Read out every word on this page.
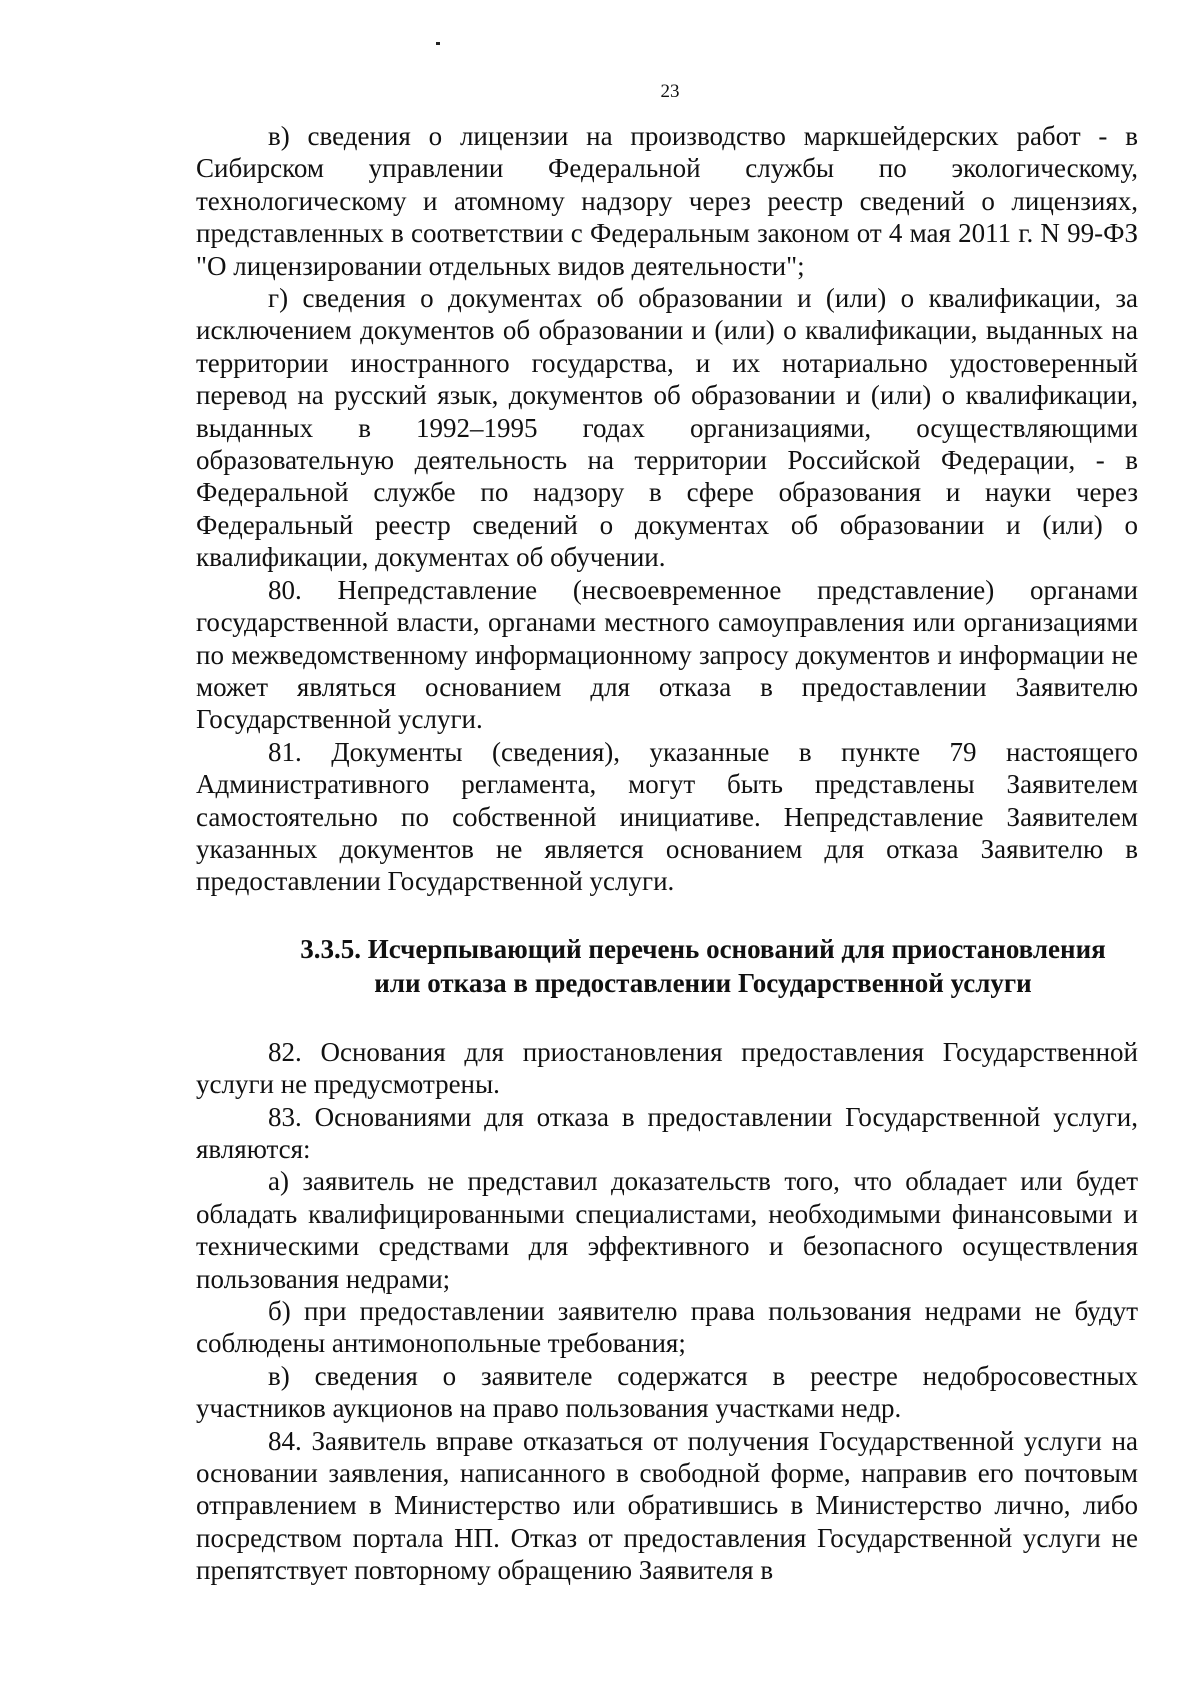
23

в) сведения о лицензии на производство маркшейдерских работ - в Сибирском управлении Федеральной службы по экологическому, технологическому и атомному надзору через реестр сведений о лицензиях, представленных в соответствии с Федеральным законом от 4 мая 2011 г. N 99-ФЗ "О лицензировании отдельных видов деятельности";

г) сведения о документах об образовании и (или) о квалификации, за исключением документов об образовании и (или) о квалификации, выданных на территории иностранного государства, и их нотариально удостоверенный перевод на русский язык, документов об образовании и (или) о квалификации, выданных в 1992–1995 годах организациями, осуществляющими образовательную деятельность на территории Российской Федерации, - в Федеральной службе по надзору в сфере образования и науки через Федеральный реестр сведений о документах об образовании и (или) о квалификации, документах об обучении.

80. Непредставление (несвоевременное представление) органами государственной власти, органами местного самоуправления или организациями по межведомственному информационному запросу документов и информации не может являться основанием для отказа в предоставлении Заявителю Государственной услуги.

81. Документы (сведения), указанные в пункте 79 настоящего Административного регламента, могут быть представлены Заявителем самостоятельно по собственной инициативе. Непредставление Заявителем указанных документов не является основанием для отказа Заявителю в предоставлении Государственной услуги.

3.3.5. Исчерпывающий перечень оснований для приостановления
или отказа в предоставлении Государственной услуги

82. Основания для приостановления предоставления Государственной услуги не предусмотрены.

83. Основаниями для отказа в предоставлении Государственной услуги, являются:

а) заявитель не представил доказательств того, что обладает или будет обладать квалифицированными специалистами, необходимыми финансовыми и техническими средствами для эффективного и безопасного осуществления пользования недрами;

б) при предоставлении заявителю права пользования недрами не будут соблюдены антимонопольные требования;

в) сведения о заявителе содержатся в реестре недобросовестных участников аукционов на право пользования участками недр.

84. Заявитель вправе отказаться от получения Государственной услуги на основании заявления, написанного в свободной форме, направив его почтовым отправлением в Министерство или обратившись в Министерство лично, либо посредством портала НП. Отказ от предоставления Государственной услуги не препятствует повторному обращению Заявителя в
